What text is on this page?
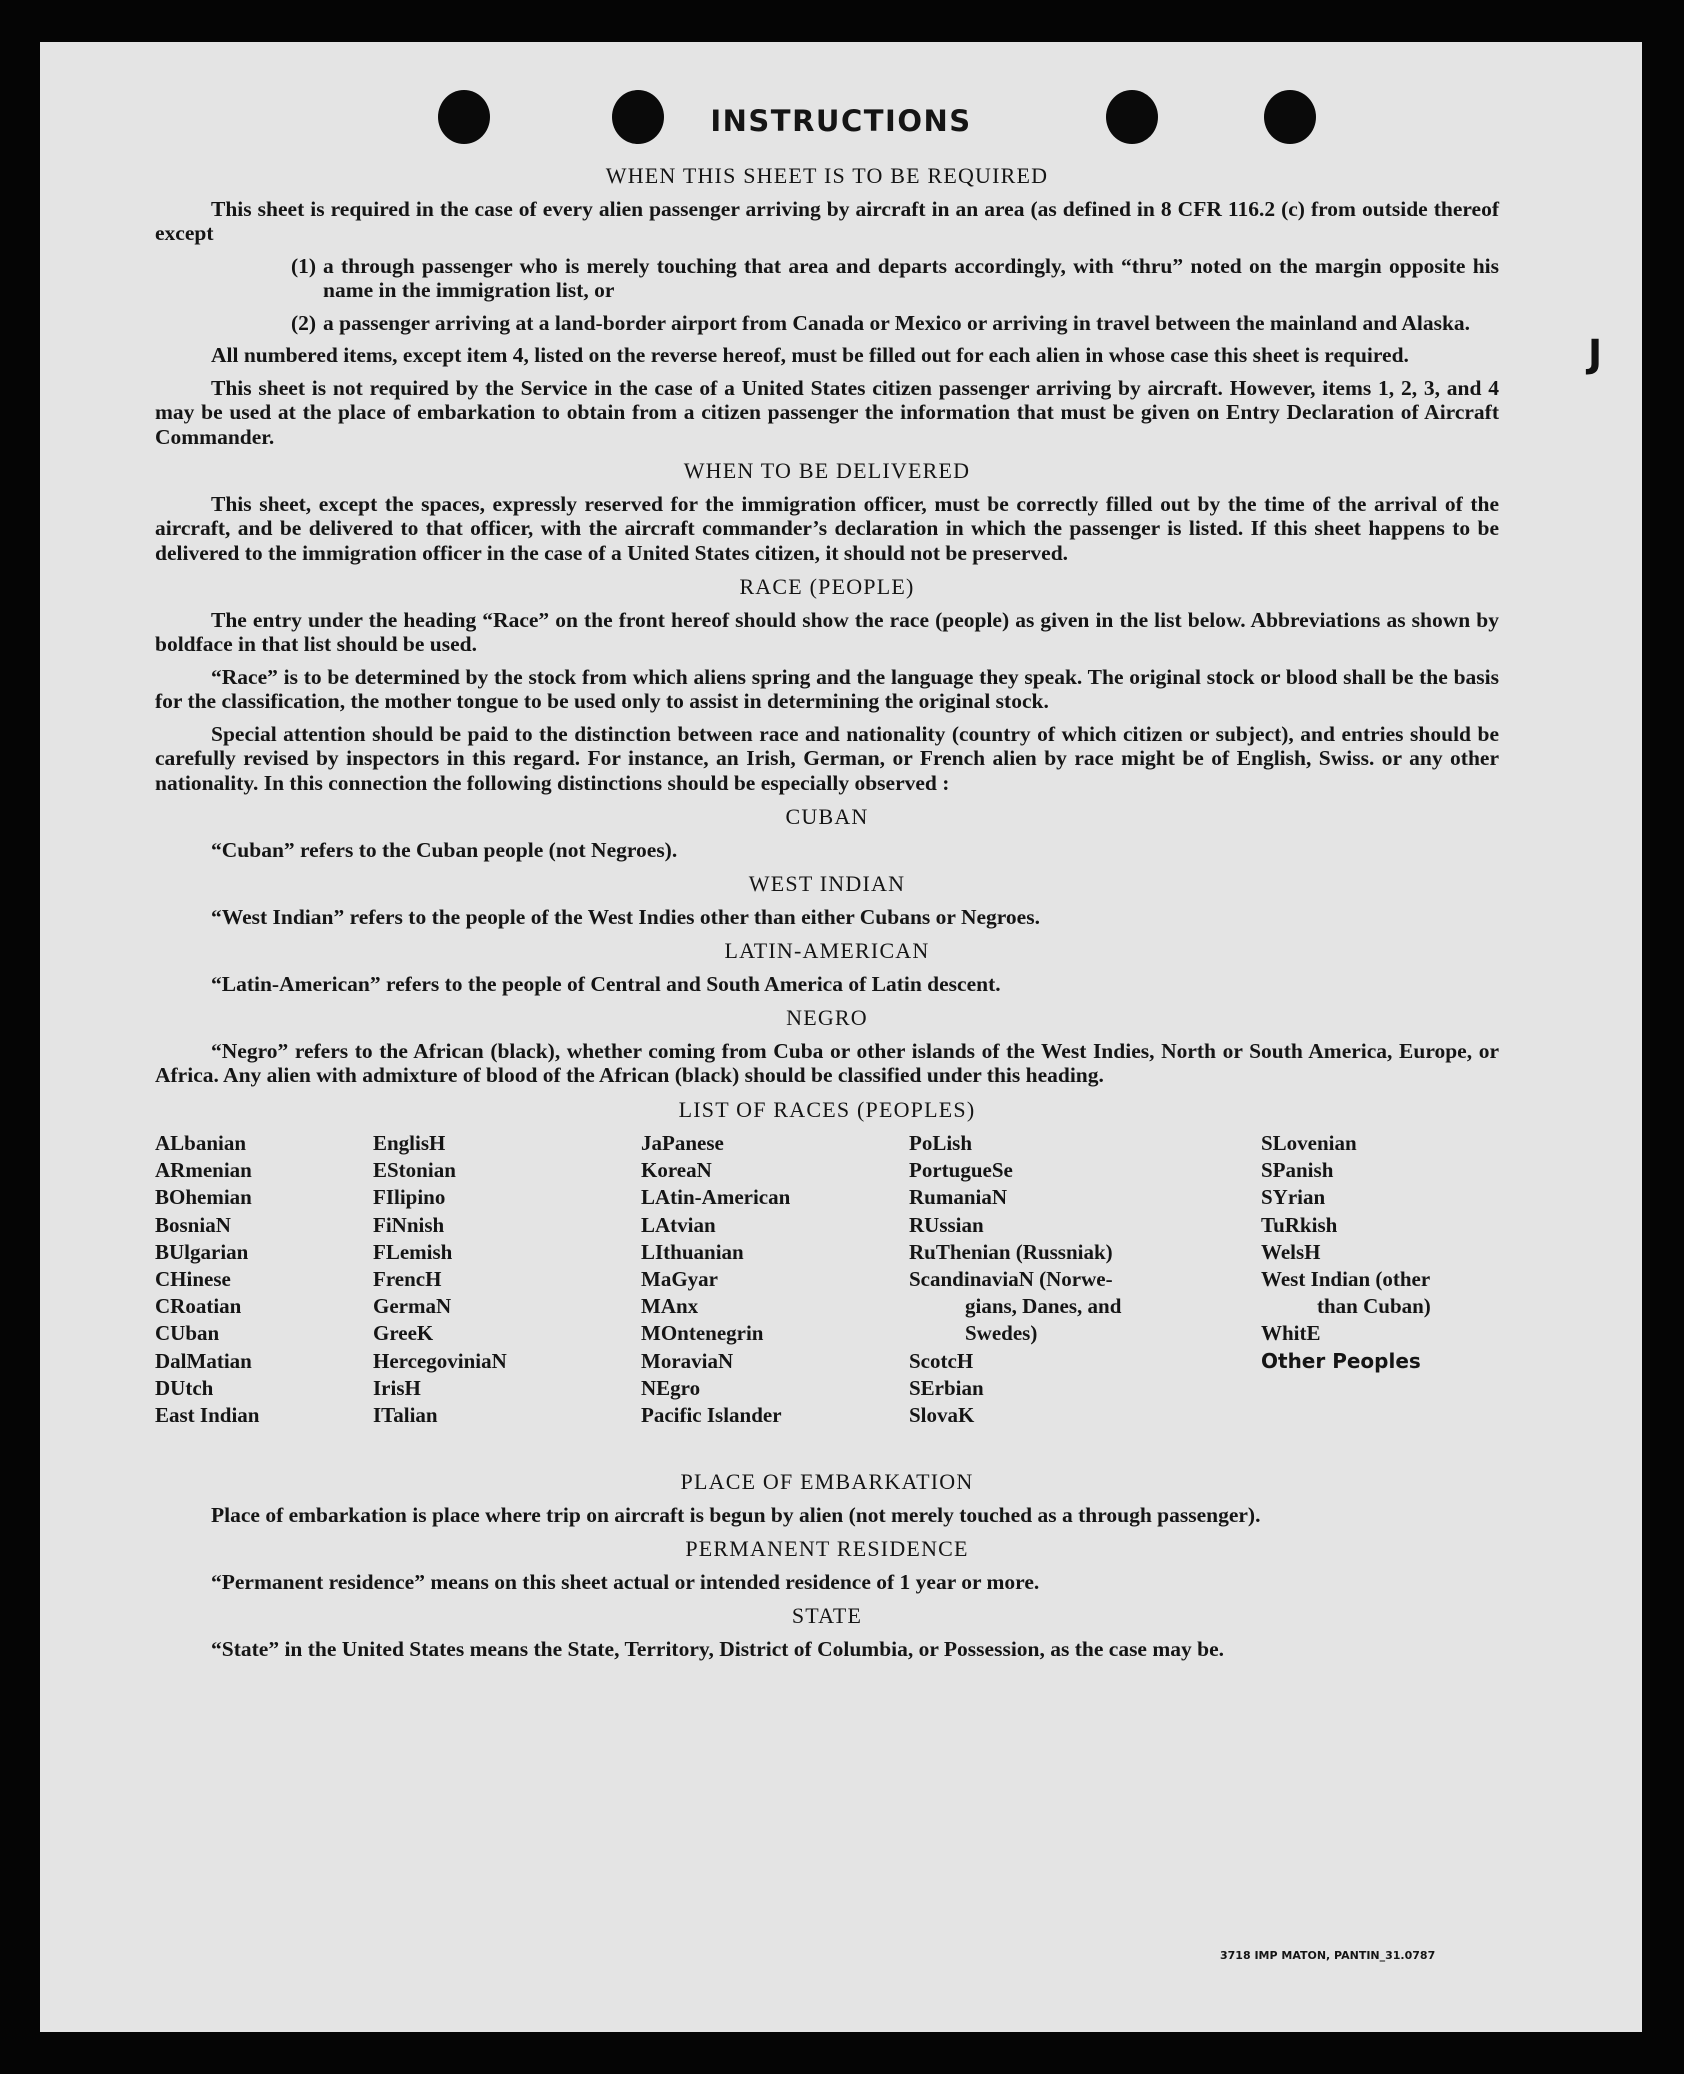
J
INSTRUCTIONS
WHEN THIS SHEET IS TO BE REQUIRED

This sheet is required in the case of every alien passenger arriving by aircraft in an area (as defined in 8 CFR 116.2 (c) from outside thereof except

(1) a through passenger who is merely touching that area and departs accordingly, with “thru” noted on the margin opposite his name in the immigration list, or
(2) a passenger arriving at a land-border airport from Canada or Mexico or arriving in travel between the mainland and Alaska.

All numbered items, except item 4, listed on the reverse hereof, must be filled out for each alien in whose case this sheet is required.

This sheet is not required by the Service in the case of a United States citizen passenger arriving by aircraft. However, items 1, 2, 3, and 4 may be used at the place of embarkation to obtain from a citizen passenger the information that must be given on Entry Declaration of Aircraft Commander.

WHEN TO BE DELIVERED

This sheet, except the spaces, expressly reserved for the immigration officer, must be correctly filled out by the time of the arrival of the aircraft, and be delivered to that officer, with the aircraft commander’s declaration in which the passenger is listed. If this sheet happens to be delivered to the immigration officer in the case of a United States citizen, it should not be preserved.

RACE (PEOPLE)

The entry under the heading “Race” on the front hereof should show the race (people) as given in the list below. Abbreviations as shown by boldface in that list should be used.

“Race” is to be determined by the stock from which aliens spring and the language they speak. The original stock or blood shall be the basis for the classification, the mother tongue to be used only to assist in determining the original stock.

Special attention should be paid to the distinction between race and nationality (country of which citizen or subject), and entries should be carefully revised by inspectors in this regard. For instance, an Irish, German, or French alien by race might be of English, Swiss. or any other nationality. In this connection the following distinctions should be especially observed :

CUBAN

“Cuban” refers to the Cuban people (not Negroes).

WEST INDIAN

“West Indian” refers to the people of the West Indies other than either Cubans or Negroes.

LATIN-AMERICAN

“Latin-American” refers to the people of Central and South America of Latin descent.

NEGRO

“Negro” refers to the African (black), whether coming from Cuba or other islands of the West Indies, North or South America, Europe, or Africa. Any alien with admixture of blood of the African (black) should be classified under this heading.

LIST OF RACES (PEOPLES)
ALbanian
ARmenian
BOhemian
BosniaN
BUlgarian
CHinese
CRoatian
CUban
DalMatian
DUtch
East Indian
EnglisH
EStonian
FIlipino
FiNnish
FLemish
FrencH
GermaN
GreeK
HercegoviniaN
IrisH
ITalian
JaPanese
KoreaN
LAtin-American
LAtvian
LIthuanian
MaGyar
MAnx
MOntenegrin
MoraviaN
NEgro
Pacific Islander
PoLish
PortugueSe
RumaniaN
RUssian
RuThenian (Russniak)
ScandinaviaN (Norwe-
gians, Danes, and
Swedes)
ScotcH
SErbian
SlovaK
SLovenian
SPanish
SYrian
TuRkish
WelsH
West Indian (other
than Cuban)
WhitE
Other Peoples
PLACE OF EMBARKATION

Place of embarkation is place where trip on aircraft is begun by alien (not merely touched as a through passenger).

PERMANENT RESIDENCE

“Permanent residence” means on this sheet actual or intended residence of 1 year or more.

STATE

“State” in the United States means the State, Territory, District of Columbia, or Possession, as the case may be.

3718 IMP MATON, PANTIN_31.0787
